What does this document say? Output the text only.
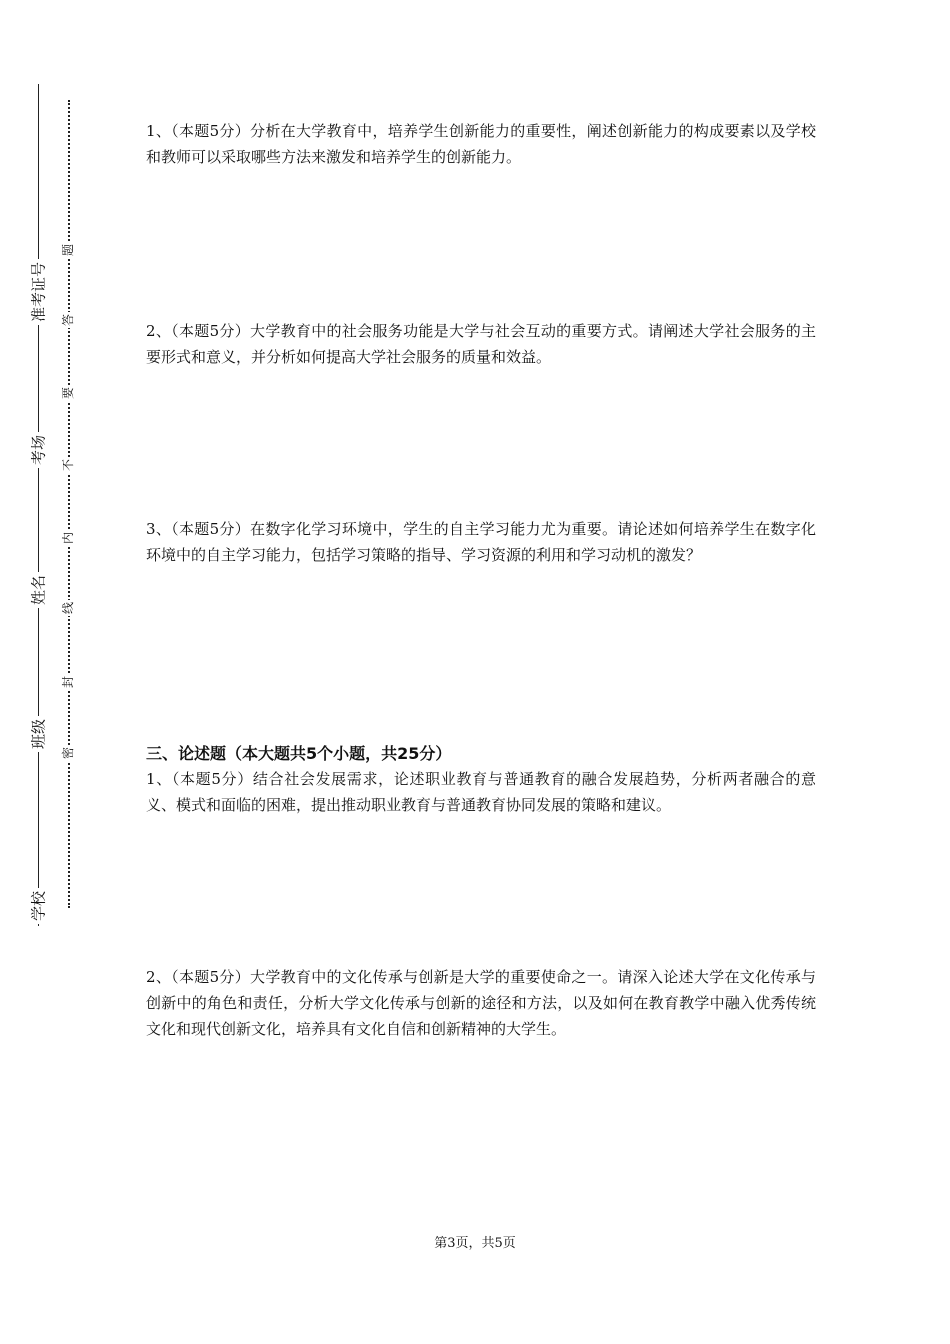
准考证号
考场
姓名
班级
学校
题
答
要
不
内
线
封
密

1、（本题5分）分析在大学教育中，培养学生创新能力的重要性，阐述创新能力的构成要素以及学校和教师可以采取哪些方法来激发和培养学生的创新能力。

2、（本题5分）大学教育中的社会服务功能是大学与社会互动的重要方式。请阐述大学社会服务的主要形式和意义，并分析如何提高大学社会服务的质量和效益。

3、（本题5分）在数字化学习环境中，学生的自主学习能力尤为重要。请论述如何培养学生在数字化环境中的自主学习能力，包括学习策略的指导、学习资源的利用和学习动机的激发？

三、论述题（本大题共5个小题，共25分）

1、（本题5分）结合社会发展需求，论述职业教育与普通教育的融合发展趋势，分析两者融合的意义、模式和面临的困难，提出推动职业教育与普通教育协同发展的策略和建议。

2、（本题5分）大学教育中的文化传承与创新是大学的重要使命之一。请深入论述大学在文化传承与创新中的角色和责任，分析大学文化传承与创新的途径和方法，以及如何在教育教学中融入优秀传统文化和现代创新文化，培养具有文化自信和创新精神的大学生。

第3页，共5页
